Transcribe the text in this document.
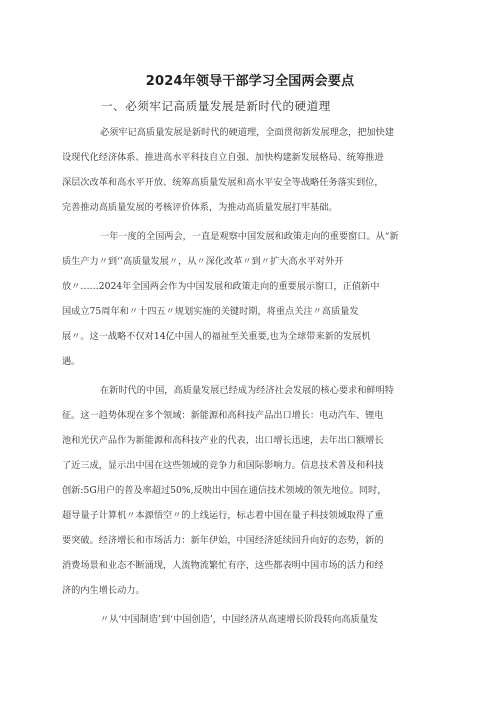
2024年领导干部学习全国两会要点
一、必须牢记高质量发展是新时代的硬道理
必须牢记高质量发展是新时代的硬道理，全面贯彻新发展理念，把加快建
设现代化经济体系、推进高水平科技自立自强、加快构建新发展格局、统筹推进
深层次改革和高水平开放、统筹高质量发展和高水平安全等战略任务落实到位，
完善推动高质量发展的考核评价体系，为推动高质量发展打牢基础。
一年一度的全国两会，一直是观察中国发展和政策走向的重要窗口。从“新
质生产力〃到‘’高质量发展〃，从〃深化改革〃到〃扩大高水平对外开
放〃……2024年全国两会作为中国发展和政策走向的重要展示窗口，正值新中
国成立75周年和〃十四五〃规划实施的关键时期，将重点关注〃高质量发
展〃。这一战略不仅对14亿中国人的福祉至关重要,也为全球带来新的发展机
遇。
在新时代的中国，高质量发展已经成为经济社会发展的核心要求和鲜明特
征。这一趋势体现在多个领域：新能源和高科技产品出口增长：电动汽车、锂电
池和光伏产品作为新能源和高科技产业的代表，出口增长迅速，去年出口额增长
了近三成，显示出中国在这些领域的竞争力和国际影响力。信息技术普及和科技
创新:5G用户的普及率超过50%,反映出中国在通信技术领域的领先地位。同时，
超导量子计算机〃本源悟空〃的上线运行，标志着中国在量子科技领域取得了重
要突破。经济增长和市场活力：新年伊始，中国经济延续回升向好的态势，新的
消费场景和业态不断涌现，人流物流繁忙有序，这些都表明中国市场的活力和经
济的内生增长动力。
〃从‘中国制造’到‘中国创造’，中国经济从高速增长阶段转向高质量发
